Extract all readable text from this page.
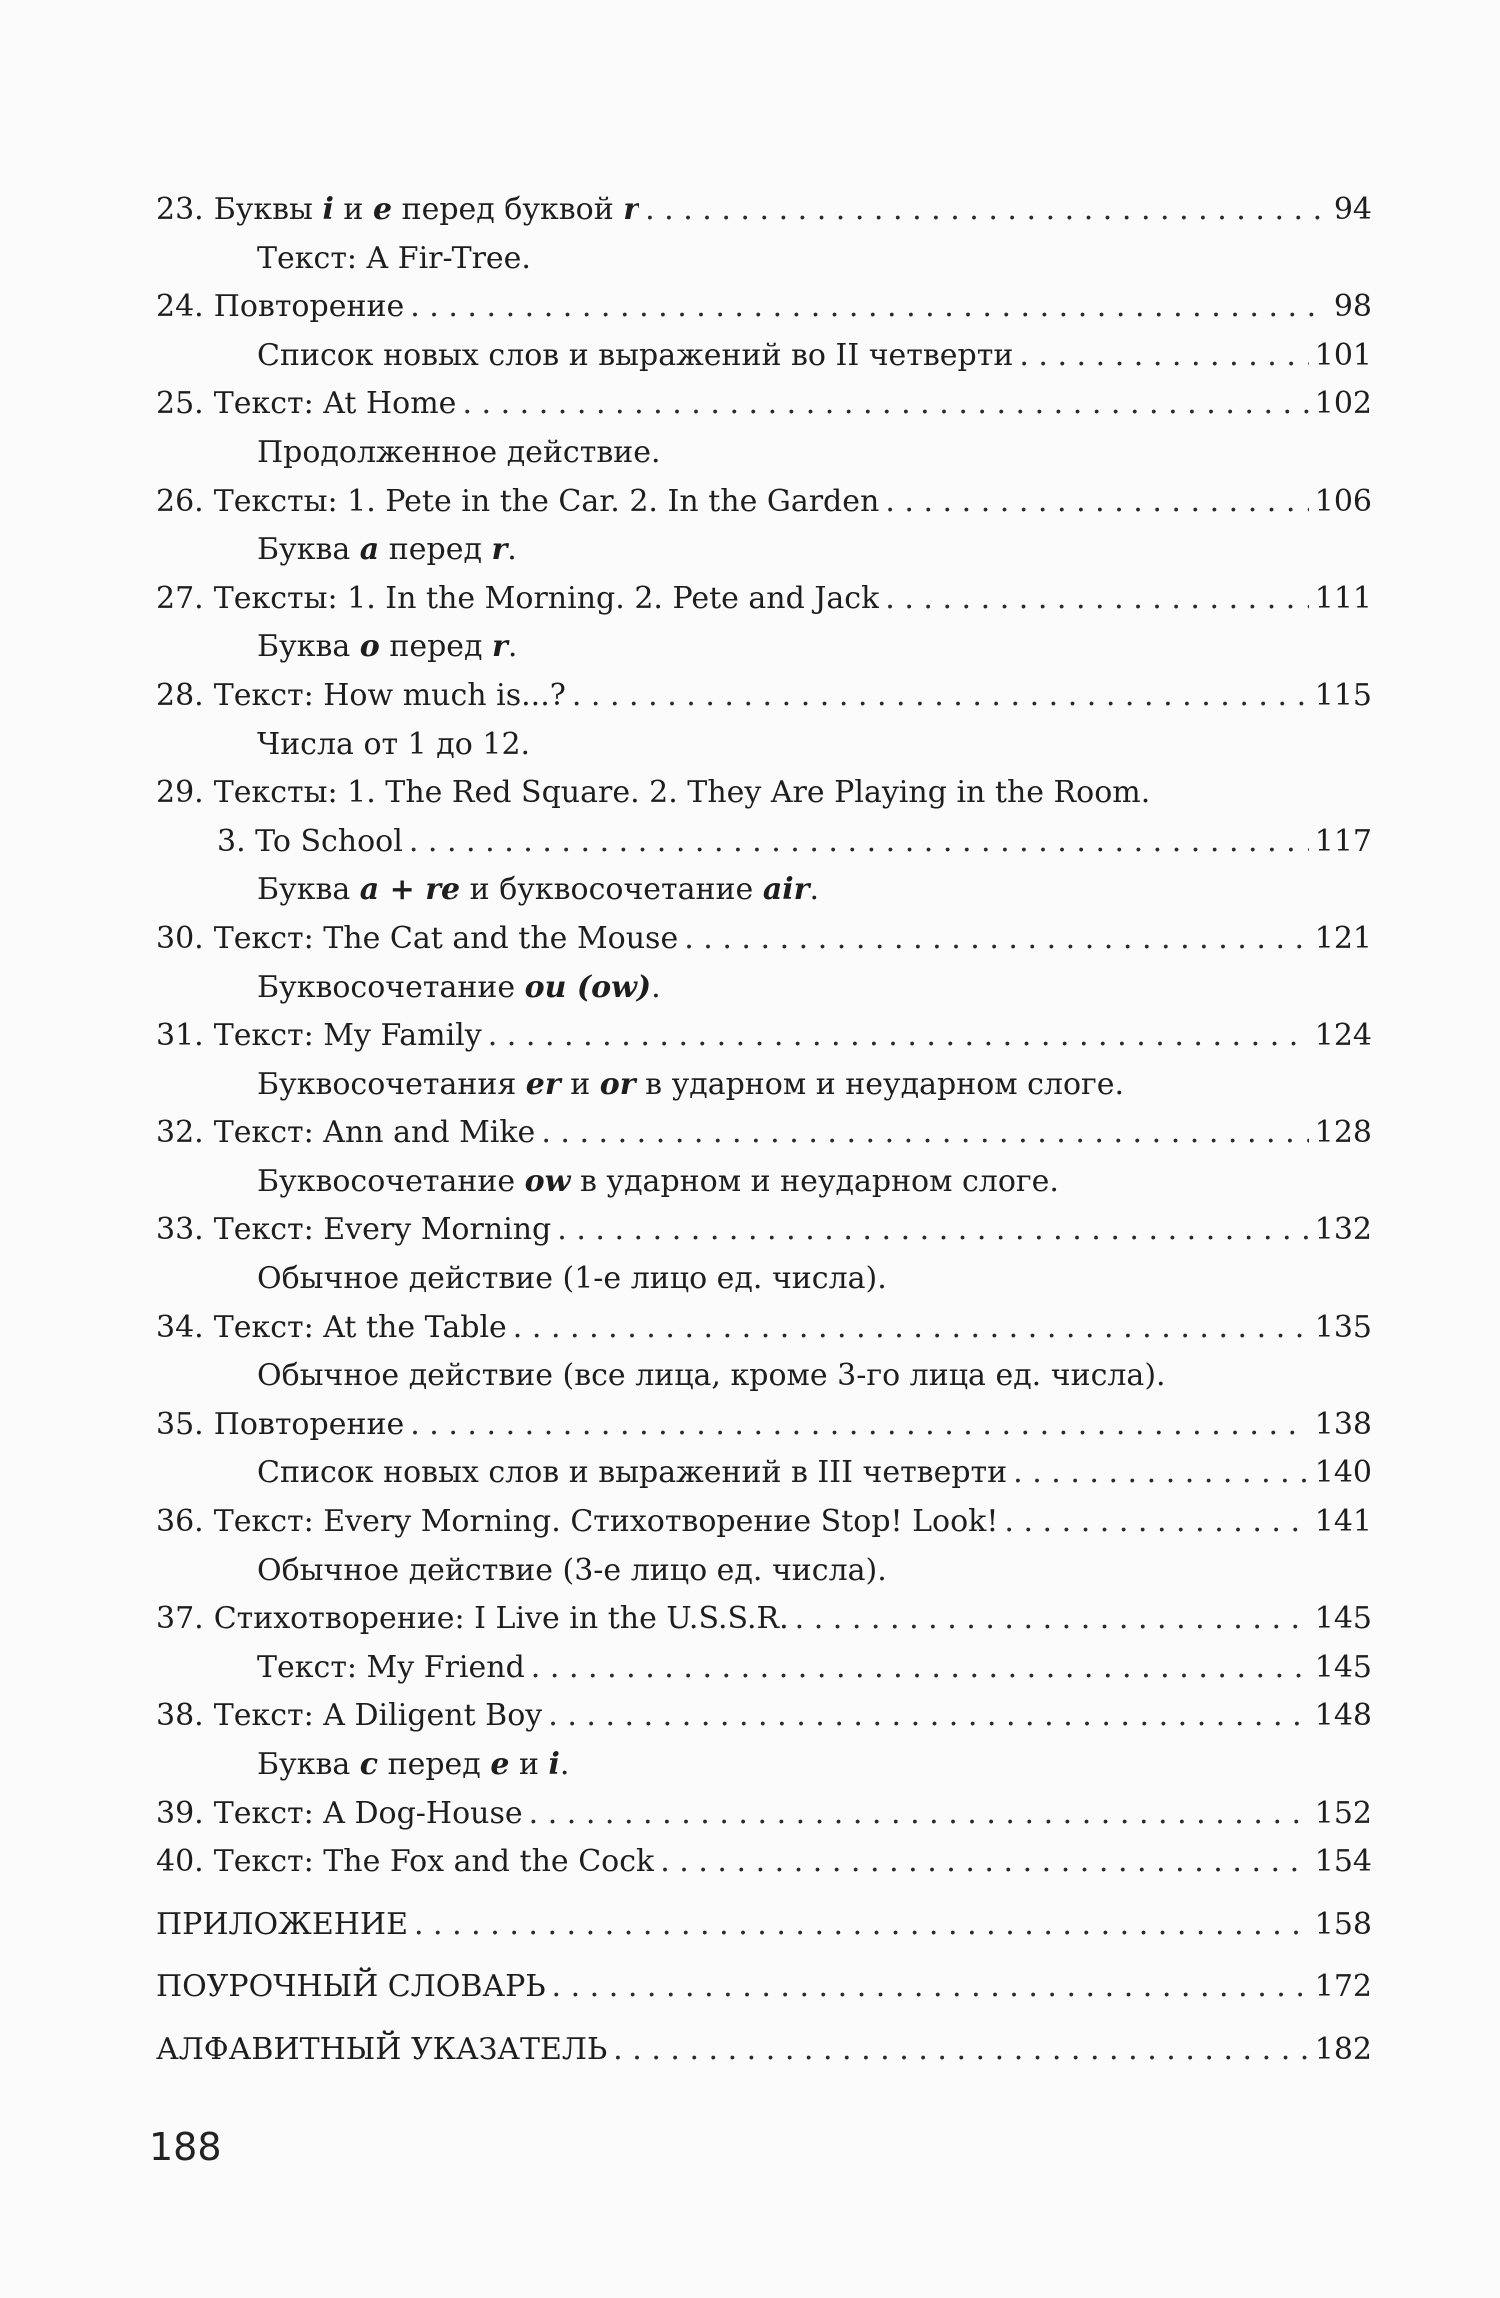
23. Буквы i и e перед буквой r . . .	94
Текст: A Fir-Tree.
24. Повторение . . .	98
Список новых слов и выражений во II четверти . . .	101
25. Текст: At Home . . .	102
Продолженное действие.
26. Тексты: 1. Pete in the Car. 2. In the Garden . . .	106
Буква a перед r.
27. Тексты: 1. In the Morning. 2. Pete and Jack . . .	111
Буква o перед r.
28. Текст: How much is...? . . .	115
Числа от 1 до 12.
29. Тексты: 1. The Red Square. 2. They Are Playing in the Room.
3. To School . . .	117
Буква a + re и буквосочетание air.
30. Текст: The Cat and the Mouse . . .	121
Буквосочетание ou (ow).
31. Текст: My Family . . .	124
Буквосочетания er и or в ударном и неударном слоге.
32. Текст: Ann and Mike . . .	128
Буквосочетание ow в ударном и неударном слоге.
33. Текст: Every Morning . . .	132
Обычное действие (1-е лицо ед. числа).
34. Текст: At the Table . . .	135
Обычное действие (все лица, кроме 3-го лица ед. числа).
35. Повторение . . .	138
Список новых слов и выражений в III четверти . . .	140
36. Текст: Every Morning. Стихотворение Stop! Look! . . .	141
Обычное действие (3-е лицо ед. числа).
37. Стихотворение: I Live in the U.S.S.R. . . .	145
Текст: My Friend . . .	145
38. Текст: A Diligent Boy . . .	148
Буква c перед e и i.
39. Текст: A Dog-House . . .	152
40. Текст: The Fox and the Cock . . .	154
ПРИЛОЖЕНИЕ . . .	158
ПОУРОЧНЫЙ СЛОВАРЬ . . .	172
АЛФАВИТНЫЙ УКАЗАТЕЛЬ . . .	182
188
